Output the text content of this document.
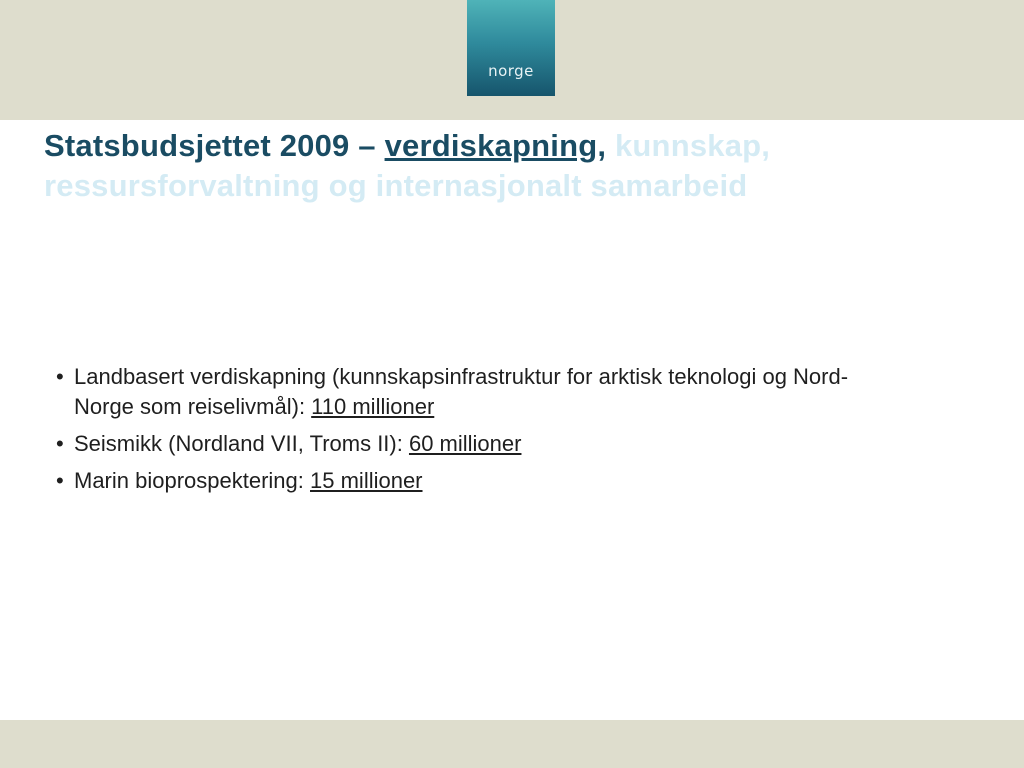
norge
Statsbudsjettet 2009 – verdiskapning, kunnskap, ressursforvaltning og internasjonalt samarbeid
• Landbasert verdiskapning (kunnskapsinfrastruktur for arktisk teknologi og Nord-Norge som reiselivmål): 110 millioner
• Seismikk (Nordland VII, Troms II): 60 millioner
• Marin bioprospektering: 15 millioner
